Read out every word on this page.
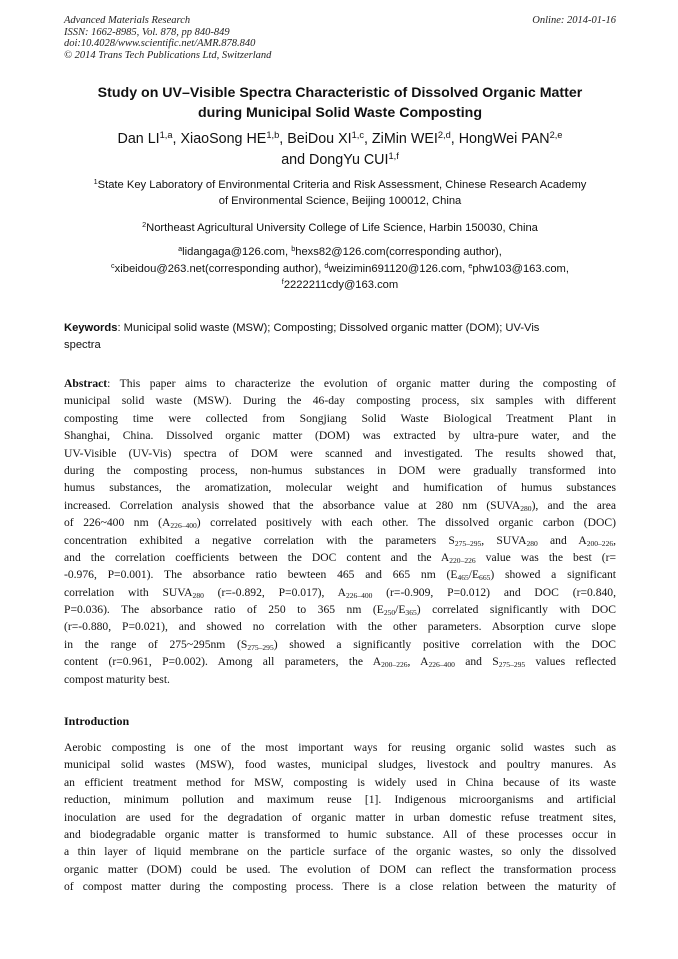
Advanced Materials Research
ISSN: 1662-8985, Vol. 878, pp 840-849
doi:10.4028/www.scientific.net/AMR.878.840
© 2014 Trans Tech Publications Ltd, Switzerland
Online: 2014-01-16
Study on UV–Visible Spectra Characteristic of Dissolved Organic Matter
during Municipal Solid Waste Composting
Dan LI$^{1,a}$, XiaoSong HE$^{1,b}$, BeiDou XI$^{1,c}$, ZiMin WEI$^{2,d}$, HongWei PAN$^{2,e}$
and DongYu CUI$^{1,f}$
$^1$State Key Laboratory of Environmental Criteria and Risk Assessment, Chinese Research Academy
of Environmental Science, Beijing 100012, China
$^2$Northeast Agricultural University College of Life Science, Harbin 150030, China
$^a$lidangaga@126.com, $^b$hexs82@126.com(corresponding author),
$^c$xibeidou@263.net(corresponding author), $^d$weizimin691120@126.com, $^e$phw103@163.com,
$^f$2222211cdy@163.com
Keywords: Municipal solid waste (MSW); Composting; Dissolved organic matter (DOM); UV-Vis
spectra
Abstract: This paper aims to characterize the evolution of organic matter during the composting of
municipal solid waste (MSW). During the 46-day composting process, six samples with different
composting time were collected from Songjiang Solid Waste Biological Treatment Plant in
Shanghai, China. Dissolved organic matter (DOM) was extracted by ultra-pure water, and the
UV-Visible (UV-Vis) spectra of DOM were scanned and investigated. The results showed that,
during the composting process, non-humus substances in DOM were gradually transformed into
humus substances, the aromatization, molecular weight and humification of humus substances
increased. Correlation analysis showed that the absorbance value at 280 nm $(SUVA_{280})$, and the area
of 226~400 nm $(A_{226-400})$ correlated positively with each other. The dissolved organic carbon (DOC)
concentration exhibited a negative correlation with the parameters $S_{275-295}$, $SUVA_{280}$ and $A_{200-226}$,
and the correlation coefficients between the DOC content and the $A_{220-226}$ value was the best (r=
-0.976, P=0.001). The absorbance ratio bewteen 465 and 665 nm $(E_{465}/E_{665})$ showed a significant
correlation with $SUVA_{280}$ (r=-0.892, P=0.017), $A_{226-400}$ (r=-0.909, P=0.012) and DOC (r=0.840,
P=0.036). The absorbance ratio of 250 to 365 nm $(E_{250}/E_{365})$ correlated significantly with DOC
(r=-0.880, P=0.021), and showed no correlation with the other parameters. Absorption curve slope
in the range of 275~295nm $(S_{275-295})$ showed a significantly positive correlation with the DOC
content (r=0.961, P=0.002). Among all parameters, the $A_{200-226}$, $A_{226-400}$ and $S_{275-295}$ values reflected
compost maturity best.
Introduction
Aerobic composting is one of the most important ways for reusing organic solid wastes such as
municipal solid wastes (MSW), food wastes, municipal sludges, livestock and poultry manures. As
an efficient treatment method for MSW, composting is widely used in China because of its waste
reduction, minimum pollution and maximum reuse [1]. Indigenous microorganisms and artificial
inoculation are used for the degradation of organic matter in urban domestic refuse treatment sites,
and biodegradable organic matter is transformed to humic substance. All of these processes occur in
a thin layer of liquid membrane on the particle surface of the organic wastes, so only the dissolved
organic matter (DOM) could be used. The evolution of DOM can reflect the transformation process
of compost matter during the composting process. There is a close relation between the maturity of
